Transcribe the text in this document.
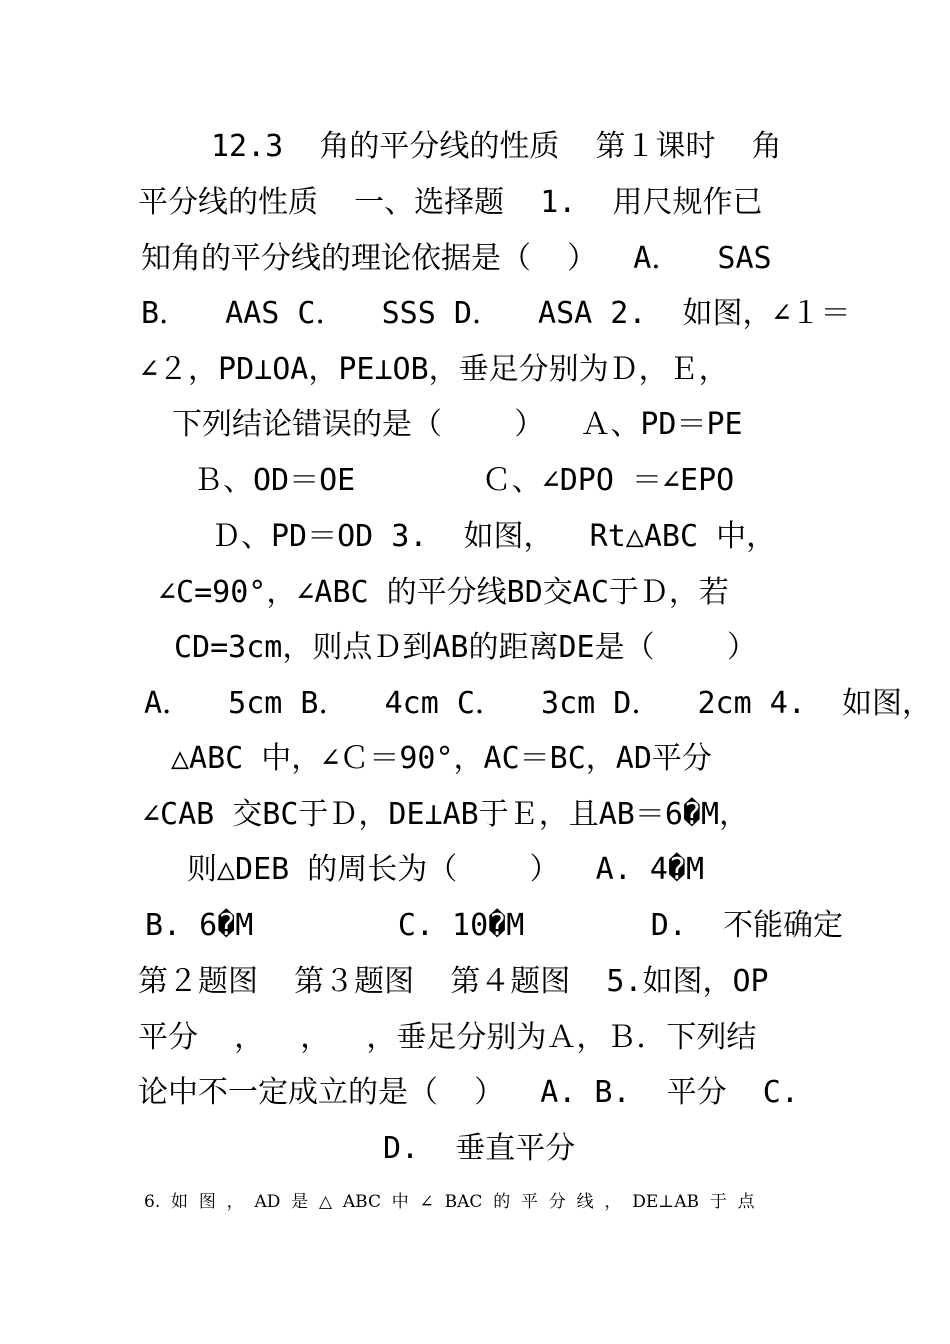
12.3  角的平分线的性质  第１课时  角
平分线的性质  一、选择题  1.  用尺规作已
知角的平分线的理论依据是（  ）  A．  SAS
B．  AAS C．  SSS D．  ASA 2.  如图，∠１＝
∠２，PD⊥OA，PE⊥OB，垂足分别为Ｄ，Ｅ，
下列结论错误的是（    ）  Ａ、PD＝PE
Ｂ、OD＝OE       Ｃ、∠DPO ＝∠EPO
Ｄ、PD＝OD 3.  如图，  Rt△ABC 中，
∠C=90°，∠ABC 的平分线BD交AC于Ｄ，若
CD=3cm，则点Ｄ到AB的距离DE是（    ）
A．  5cm B．  4cm C．  3cm D．  2cm 4.  如图，
△ABC 中，∠Ｃ＝90°，AC＝BC，AD平分
∠CAB 交BC于Ｄ，DE⊥AB于Ｅ，且AB＝6�M，
则△DEB 的周长为（    ）  A. 4�M
B. 6�M        C. 10�M       D.  不能确定
第２题图  第３题图  第４题图  5.如图，OP
平分  ，  ，  ，垂足分别为Ａ，Ｂ．下列结
论中不一定成立的是（  ）  A. B.  平分  C.
D.  垂直平分
6.  如  图  ，  AD  是  △  ABC  中  ∠  BAC  的  平  分  线  ，  DE⊥AB  于  点
